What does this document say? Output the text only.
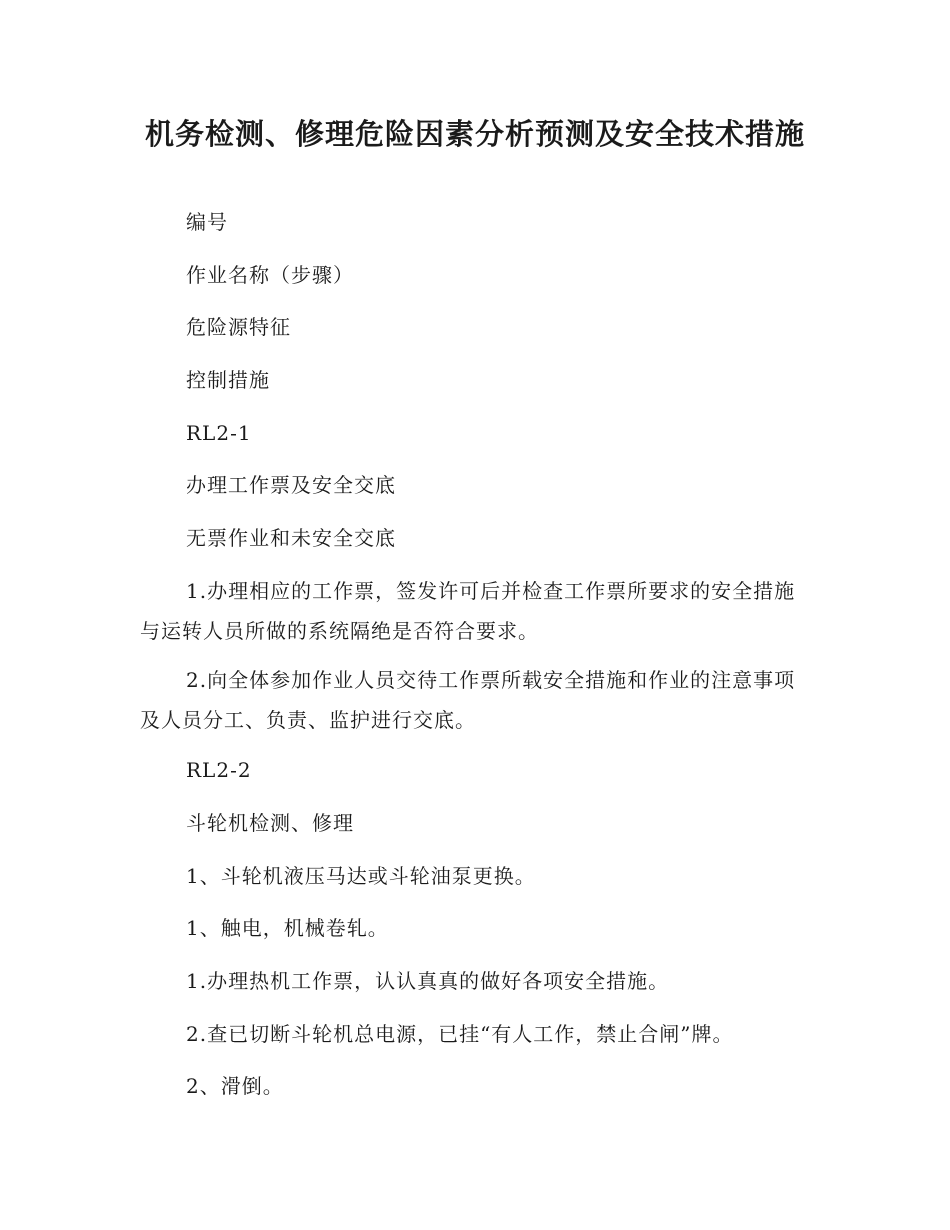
机务检测、修理危险因素分析预测及安全技术措施

编号

作业名称（步骤）

危险源特征

控制措施

RL2-1

办理工作票及安全交底

无票作业和未安全交底

1.办理相应的工作票，签发许可后并检查工作票所要求的安全措施与运转人员所做的系统隔绝是否符合要求。

2.向全体参加作业人员交待工作票所载安全措施和作业的注意事项及人员分工、负责、监护进行交底。

RL2-2

斗轮机检测、修理

1、斗轮机液压马达或斗轮油泵更换。

1、触电，机械卷轧。

1.办理热机工作票，认认真真的做好各项安全措施。

2.查已切断斗轮机总电源，已挂“有人工作，禁止合闸”牌。

2、滑倒。
